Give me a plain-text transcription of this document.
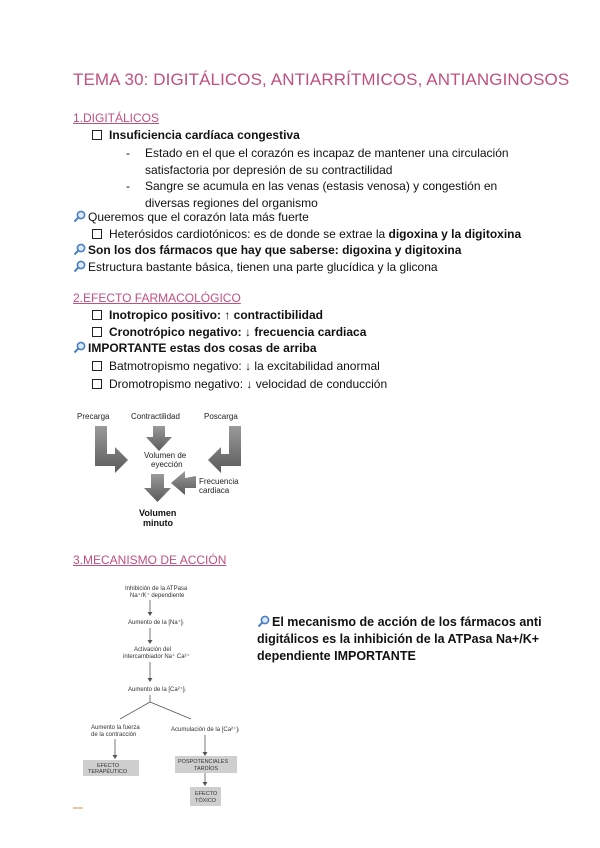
TEMA 30: DIGITÁLICOS, ANTIARRÍTMICOS, ANTIANGINOSOS
1.DIGITÁLICOS
Insuficiencia cardíaca congestiva
- Estado en el que el corazón es incapaz de mantener una circulación satisfactoria por depresión de su contractilidad
- Sangre se acumula en las venas (estasis venosa) y congestión en diversas regiones del organismo
Queremos que el corazón lata más fuerte
Heterósidos cardiotónicos: es de donde se extrae la digoxina y la digitoxina
Son los dos fármacos que hay que saberse: digoxina y digitoxina
Estructura bastante básica, tienen una parte glucídica y la glicona
2.EFECTO FARMACOLÓGICO
Inotropico positivo: ↑ contractibilidad
Cronotrópico negativo: ↓ frecuencia cardiaca
IMPORTANTE estas dos cosas de arriba
Batmotropismo negativo: ↓ la excitabilidad anormal
Dromotropismo negativo: ↓ velocidad de conducción
Precarga	Contractilidad	Poscarga
Volumen de
eyección
Frecuencia
cardiaca
Volumen
minuto
3.MECANISMO DE ACCIÓN
Inhibición de la ATPasa
Na⁺/K⁺ dependiente
Aumento de la [Na⁺]ᵢ
Activación del
intercambiador Na⁺ Ca²⁺
Aumento de la [Ca²⁺]ᵢ
Aumento la fuerza
de la contracción
Acumulación de la [Ca²⁺]ᵢ
EFECTO
TERAPÉUTICO
POSPOTENCIALES
TARDÍOS
EFECTO
TÓXICO
El mecanismo de acción de los fármacos anti digitálicos es la inhibición de la ATPasa Na+/K+ dependiente IMPORTANTE
